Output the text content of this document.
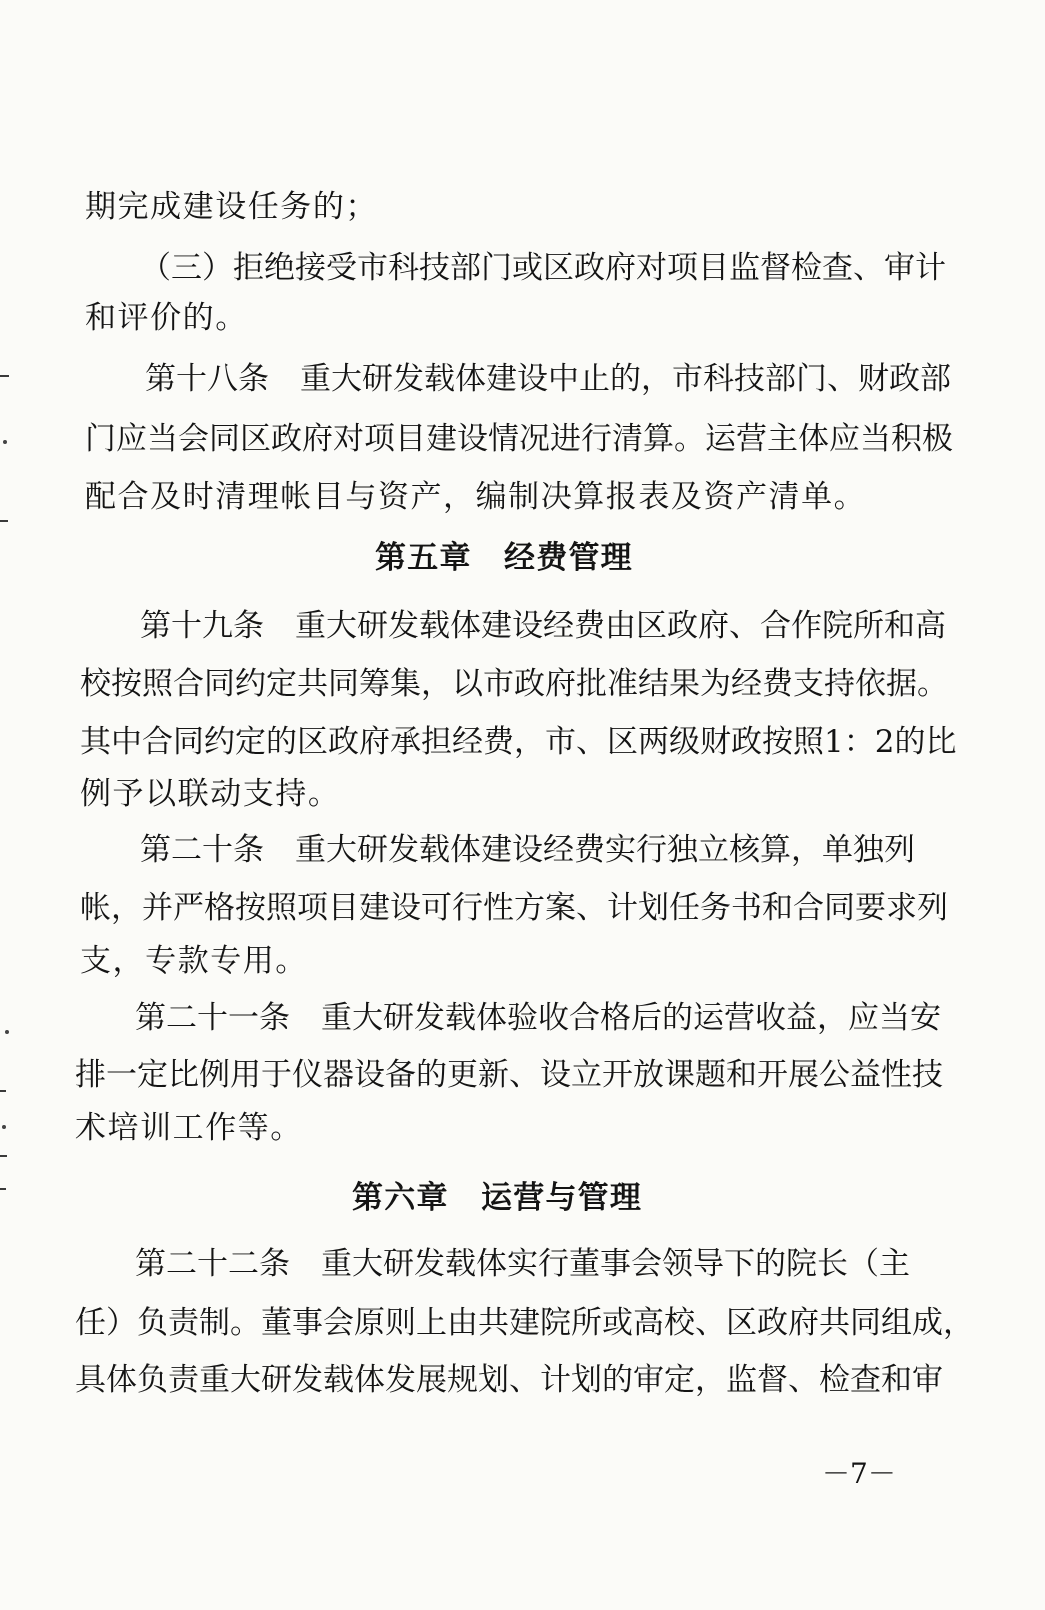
期完成建设任务的；
（三）拒绝接受市科技部门或区政府对项目监督检查、审计
和评价的。
第十八条　重大研发载体建设中止的，市科技部门、财政部
门应当会同区政府对项目建设情况进行清算。运营主体应当积极
配合及时清理帐目与资产，编制决算报表及资产清单。
第五章　经费管理
第十九条　重大研发载体建设经费由区政府、合作院所和高
校按照合同约定共同筹集，以市政府批准结果为经费支持依据。
其中合同约定的区政府承担经费，市、区两级财政按照1：2的比
例予以联动支持。
第二十条　重大研发载体建设经费实行独立核算，单独列
帐，并严格按照项目建设可行性方案、计划任务书和合同要求列
支，专款专用。
第二十一条　重大研发载体验收合格后的运营收益，应当安
排一定比例用于仪器设备的更新、设立开放课题和开展公益性技
术培训工作等。
第六章　运营与管理
第二十二条　重大研发载体实行董事会领导下的院长（主
任）负责制。董事会原则上由共建院所或高校、区政府共同组成，
具体负责重大研发载体发展规划、计划的审定，监督、检查和审
－7－
